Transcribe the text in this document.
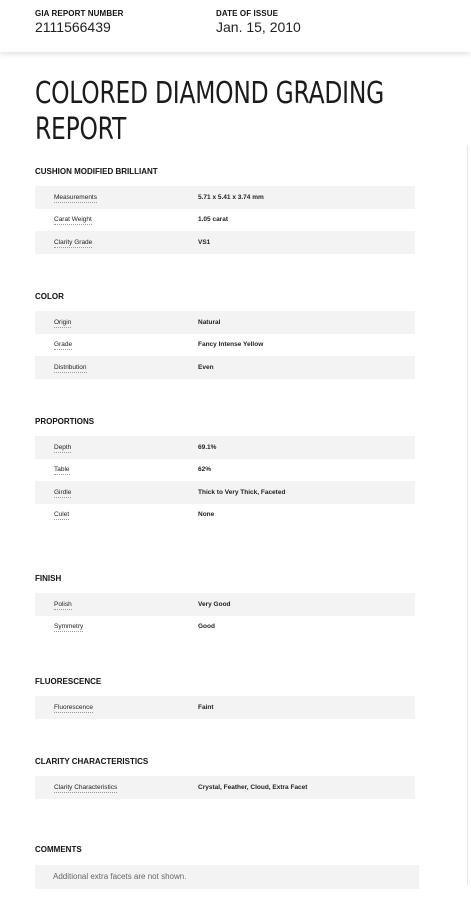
GIA REPORT NUMBER
2111566439
DATE OF ISSUE
Jan. 15, 2010
COLORED DIAMOND GRADING
REPORT
CUSHION MODIFIED BRILLIANT
Measurements	5.71 x 5.41 x 3.74 mm
Carat Weight	1.05 carat
Clarity Grade	VS1
COLOR
Origin	Natural
Grade	Fancy Intense Yellow
Distribution	Even
PROPORTIONS
Depth	69.1%
Table	62%
Girdle	Thick to Very Thick, Faceted
Culet	None
FINISH
Polish	Very Good
Symmetry	Good
FLUORESCENCE
Fluorescence	Faint
CLARITY CHARACTERISTICS
Clarity Characteristics	Crystal, Feather, Cloud, Extra Facet
COMMENTS
Additional extra facets are not shown.
